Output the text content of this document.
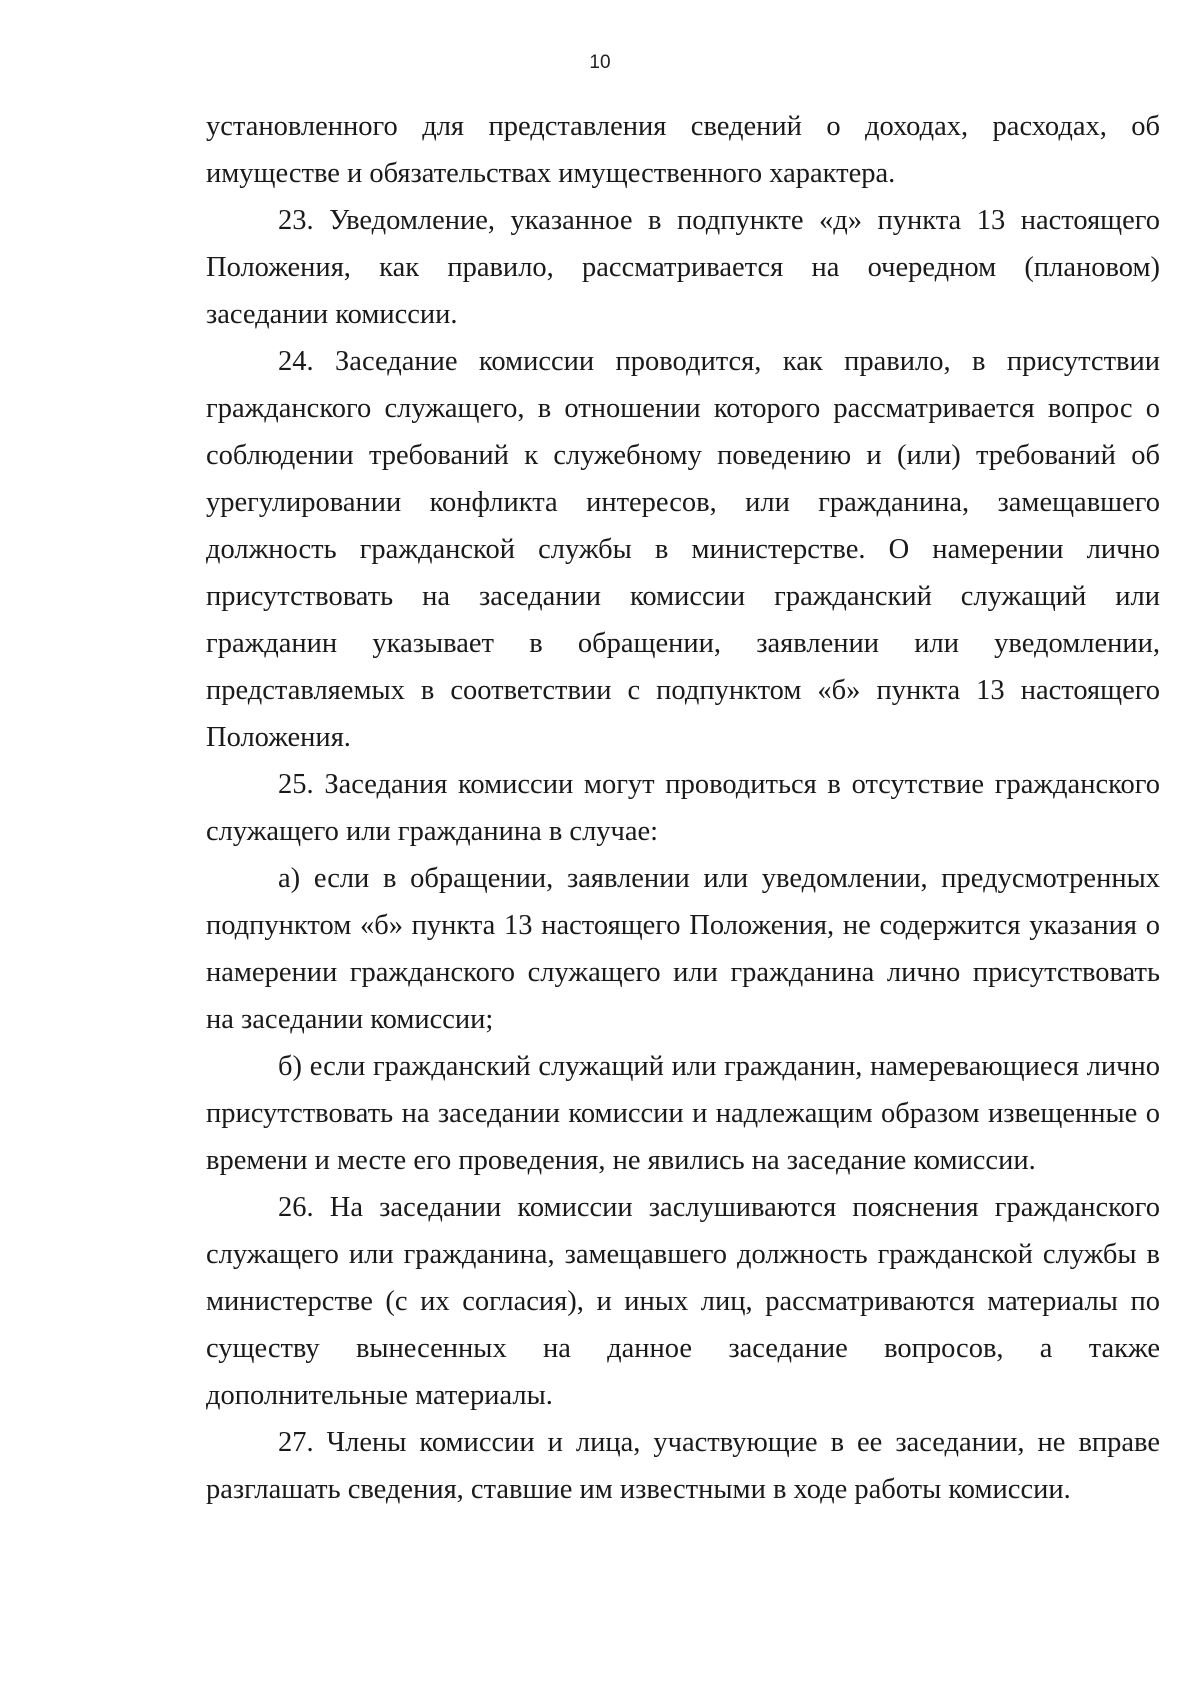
10

установленного для представления сведений о доходах, расходах, об имуществе и обязательствах имущественного характера.

23. Уведомление, указанное в подпункте «д» пункта 13 настоящего Положения, как правило, рассматривается на очередном (плановом) заседании комиссии.

24. Заседание комиссии проводится, как правило, в присутствии гражданского служащего, в отношении которого рассматривается вопрос о соблюдении требований к служебному поведению и (или) требований об урегулировании конфликта интересов, или гражданина, замещавшего должность гражданской службы в министерстве. О намерении лично присутствовать на заседании комиссии гражданский служащий или гражданин указывает в обращении, заявлении или уведомлении, представляемых в соответствии с подпунктом «б» пункта 13 настоящего Положения.

25. Заседания комиссии могут проводиться в отсутствие гражданского служащего или гражданина в случае:

а) если в обращении, заявлении или уведомлении, предусмотренных подпунктом «б» пункта 13 настоящего Положения, не содержится указания о намерении гражданского служащего или гражданина лично присутствовать на заседании комиссии;

б) если гражданский служащий или гражданин, намеревающиеся лично присутствовать на заседании комиссии и надлежащим образом извещенные о времени и месте его проведения, не явились на заседание комиссии.

26. На заседании комиссии заслушиваются пояснения гражданского служащего или гражданина, замещавшего должность гражданской службы в министерстве (с их согласия), и иных лиц, рассматриваются материалы по существу вынесенных на данное заседание вопросов, а также дополнительные материалы.

27. Члены комиссии и лица, участвующие в ее заседании, не вправе разглашать сведения, ставшие им известными в ходе работы комиссии.
